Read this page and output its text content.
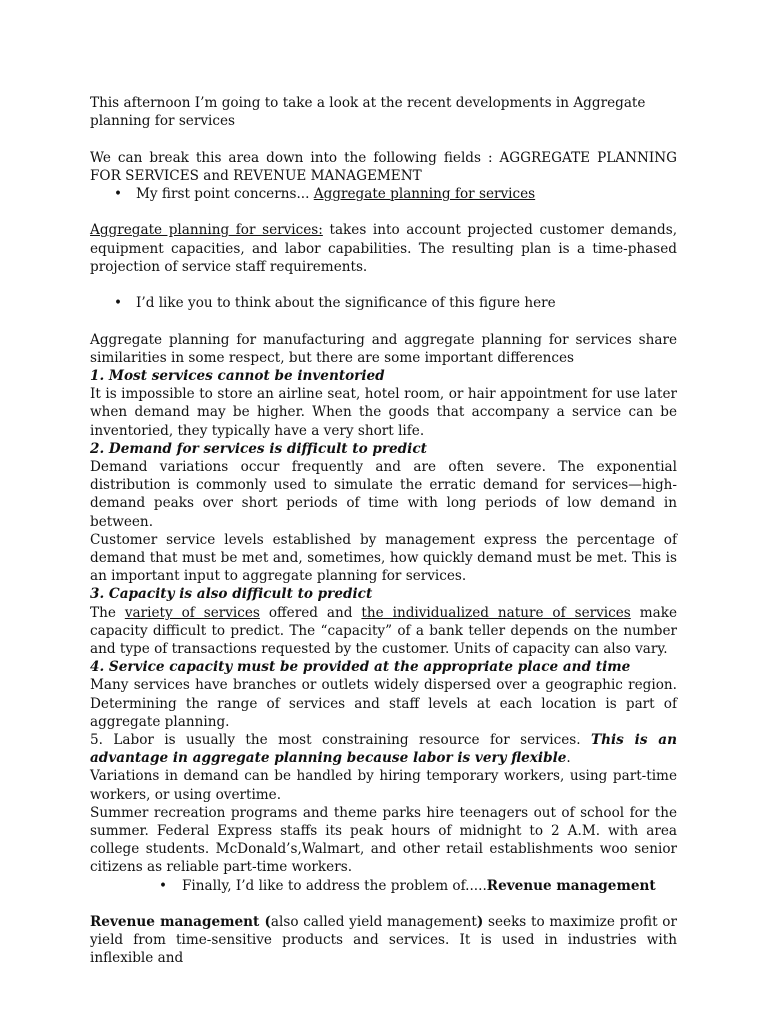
This afternoon I’m going to take a look at the recent developments in Aggregate planning for services

We can break this area down into the following fields : AGGREGATE PLANNING FOR SERVICES and REVENUE MANAGEMENT

• My first point concerns... Aggregate planning for services

Aggregate planning for services: takes into account projected customer demands, equipment capacities, and labor capabilities. The resulting plan is a time-phased projection of service staff requirements.

• I’d like you to think about the significance of this figure here

Aggregate planning for manufacturing and aggregate planning for services share similarities in some respect, but there are some important differences

1. Most services cannot be inventoried

It is impossible to store an airline seat, hotel room, or hair appointment for use later when demand may be higher. When the goods that accompany a service can be inventoried, they typically have a very short life.

2. Demand for services is difficult to predict

Demand variations occur frequently and are often severe. The exponential distribution is commonly used to simulate the erratic demand for services—high-demand peaks over short periods of time with long periods of low demand in between.

Customer service levels established by management express the percentage of demand that must be met and, sometimes, how quickly demand must be met. This is an important input to aggregate planning for services.

3. Capacity is also difficult to predict

The variety of services offered and the individualized nature of services make capacity difficult to predict. The “capacity” of a bank teller depends on the number and type of transactions requested by the customer. Units of capacity can also vary.

4. Service capacity must be provided at the appropriate place and time

Many services have branches or outlets widely dispersed over a geographic region. Determining the range of services and staff levels at each location is part of aggregate planning.

5. Labor is usually the most constraining resource for services. This is an advantage in aggregate planning because labor is very flexible.

Variations in demand can be handled by hiring temporary workers, using part-time workers, or using overtime.

Summer recreation programs and theme parks hire teenagers out of school for the summer. Federal Express staffs its peak hours of midnight to 2 A.M. with area college students. McDonald’s,Walmart, and other retail establishments woo senior citizens as reliable part-time workers.

• Finally, I’d like to address the problem of.....Revenue management

Revenue management (also called yield management) seeks to maximize profit or yield from time-sensitive products and services. It is used in industries with inflexible and
